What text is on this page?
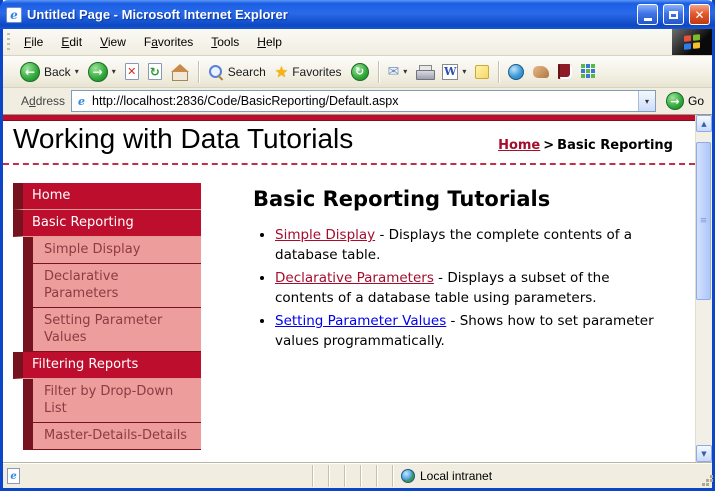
e Untitled Page - Microsoft Internet Explorer
✕
File	Edit	View	Favorites	Tools	Help
←
Back ▾ → ▾ ✕ ↻	Search ★ Favorites
↻
✉
▾
W
▾
Address e http://localhost:2836/Code/BasicReporting/Default.aspx ▾ →	Go
Working with Data Tutorials	Home > Basic Reporting
Home
Basic Reporting
Simple Display
Declarative Parameters
Setting Parameter Values
Filtering Reports
Filter by Drop-Down List
Master-Details-Details
Basic Reporting Tutorials
• Simple Display - Displays the complete contents of a database table.
• Declarative Parameters - Displays a subset of the contents of a database table using parameters.
• Setting Parameter Values - Shows how to set parameter values programmatically.
▲
≡
▼
e	Local intranet
